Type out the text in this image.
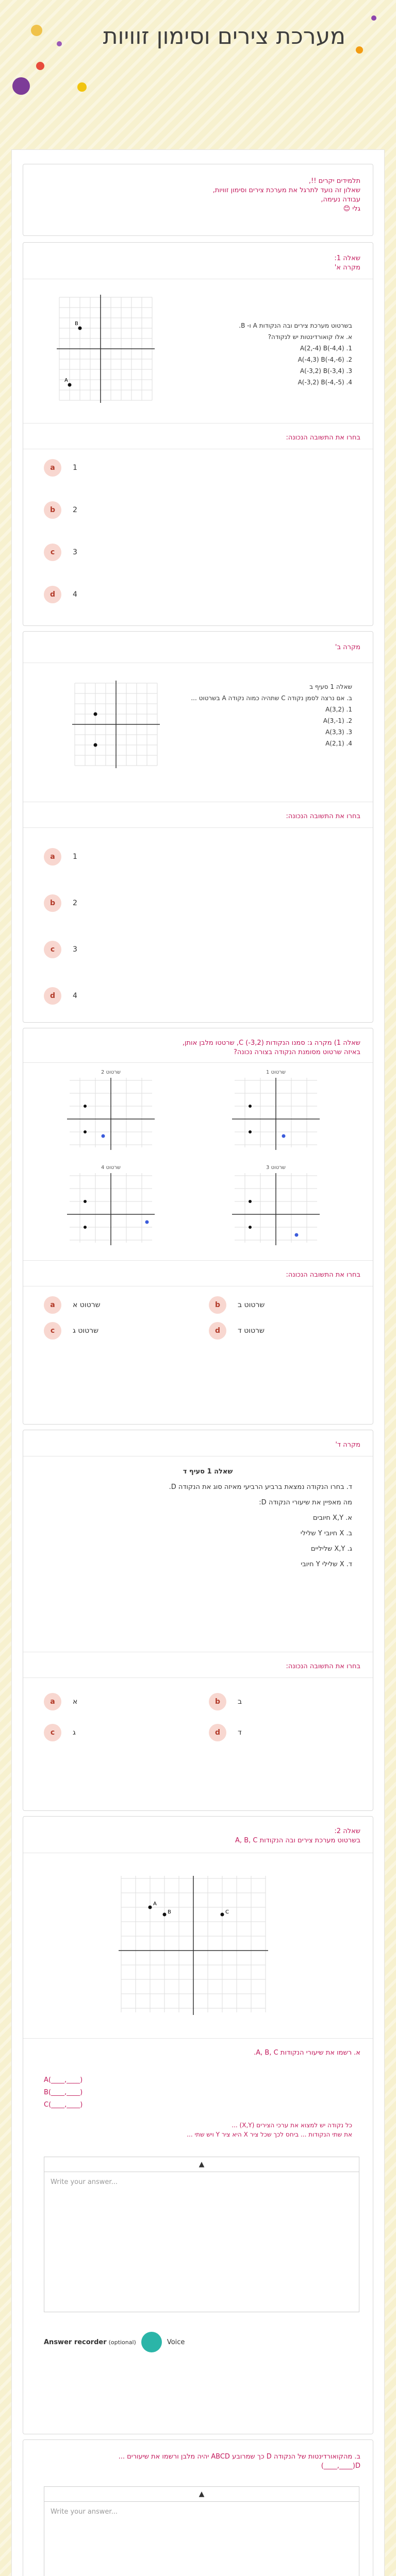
מערכת צירים וסימון זוויות
תלמידים יקרים !!,
שאלון זה נועד לתרגל את מערכת צירים וסימון זוויות,
עבודה נעימה,
גלי 😊
שאלה 1:
מקרה א'
B
A
בשרטוט מערכת צירים ובה הנקודות A ו- B.
א. אלו קואורדינטות יש לנקודה?
A(2,-4) B(-4,4) .1
A(-4,3) B(-4,-6) .2
A(-3,2) B(-3,4) .3
A(-3,2) B(-4,-5) .4
בחרו את התשובה הנכונה:
a	1
b	2
c	3
d	4
מקרה ב'
שאלה 1 סעיף ב
ב. אם נרצה לסמן נקודה C שתהיה כמוה נקודה A בשרטוט ...
A(3,2) .1
A(3,-1) .2
A(3,3) .3
A(2,1) .4
בחרו את התשובה הנכונה:
a	1
b	2
c	3
d	4
שאלה 1) מקרה ג: סמנו הנקודות (3,2-) C, שרטטו מלבן אותן,
באיזה שרטוט מסומנת הנקודה בצורה נכונה?
שרטוט 2	שרטוט 1
שרטוט 4	שרטוט 3
בחרו את התשובה הנכונה:
a	שרטוט א	b	שרטוט ב
c	שרטוט ג	d	שרטוט ד
מקרה ד'
שאלה 1 סעיף ד
ד. בחרו הנקודה נמצאת ברביע הרביעי מאיזה סוג את הנקודה D.
מה מאפיין את שיעורי הנקודה D:
א. X,Y חיובים
ב. X חיובי Y שלילי
ג. X,Y שליליים
ד. X שלילי Y חיובי
בחרו את התשובה הנכונה:
a	א	b	ב
c	ג	d	ד
שאלה 2:
בשרטוט מערכת צירים ובה הנקודות A, B, C
A
B	C
א. רשמו את שיעורי הנקודות A, B, C.
A(____,____)
B(____,____)
C(____,____)
כל נקודה יש למצוא את ערכי הצירים (X,Y) ...
את שתי הנקודות ... ביחס לכך שכל ציר X היא ציר Y ויש שתי ...
▲
Write your answer...
Answer recorder (optional)	Voice
ב. מהקואורדינטות של הנקודה D כך שמרובע ABCD יהיה מלבן ורשמו את שיעורים ...
D(____,____)
▲
Write your answer...
